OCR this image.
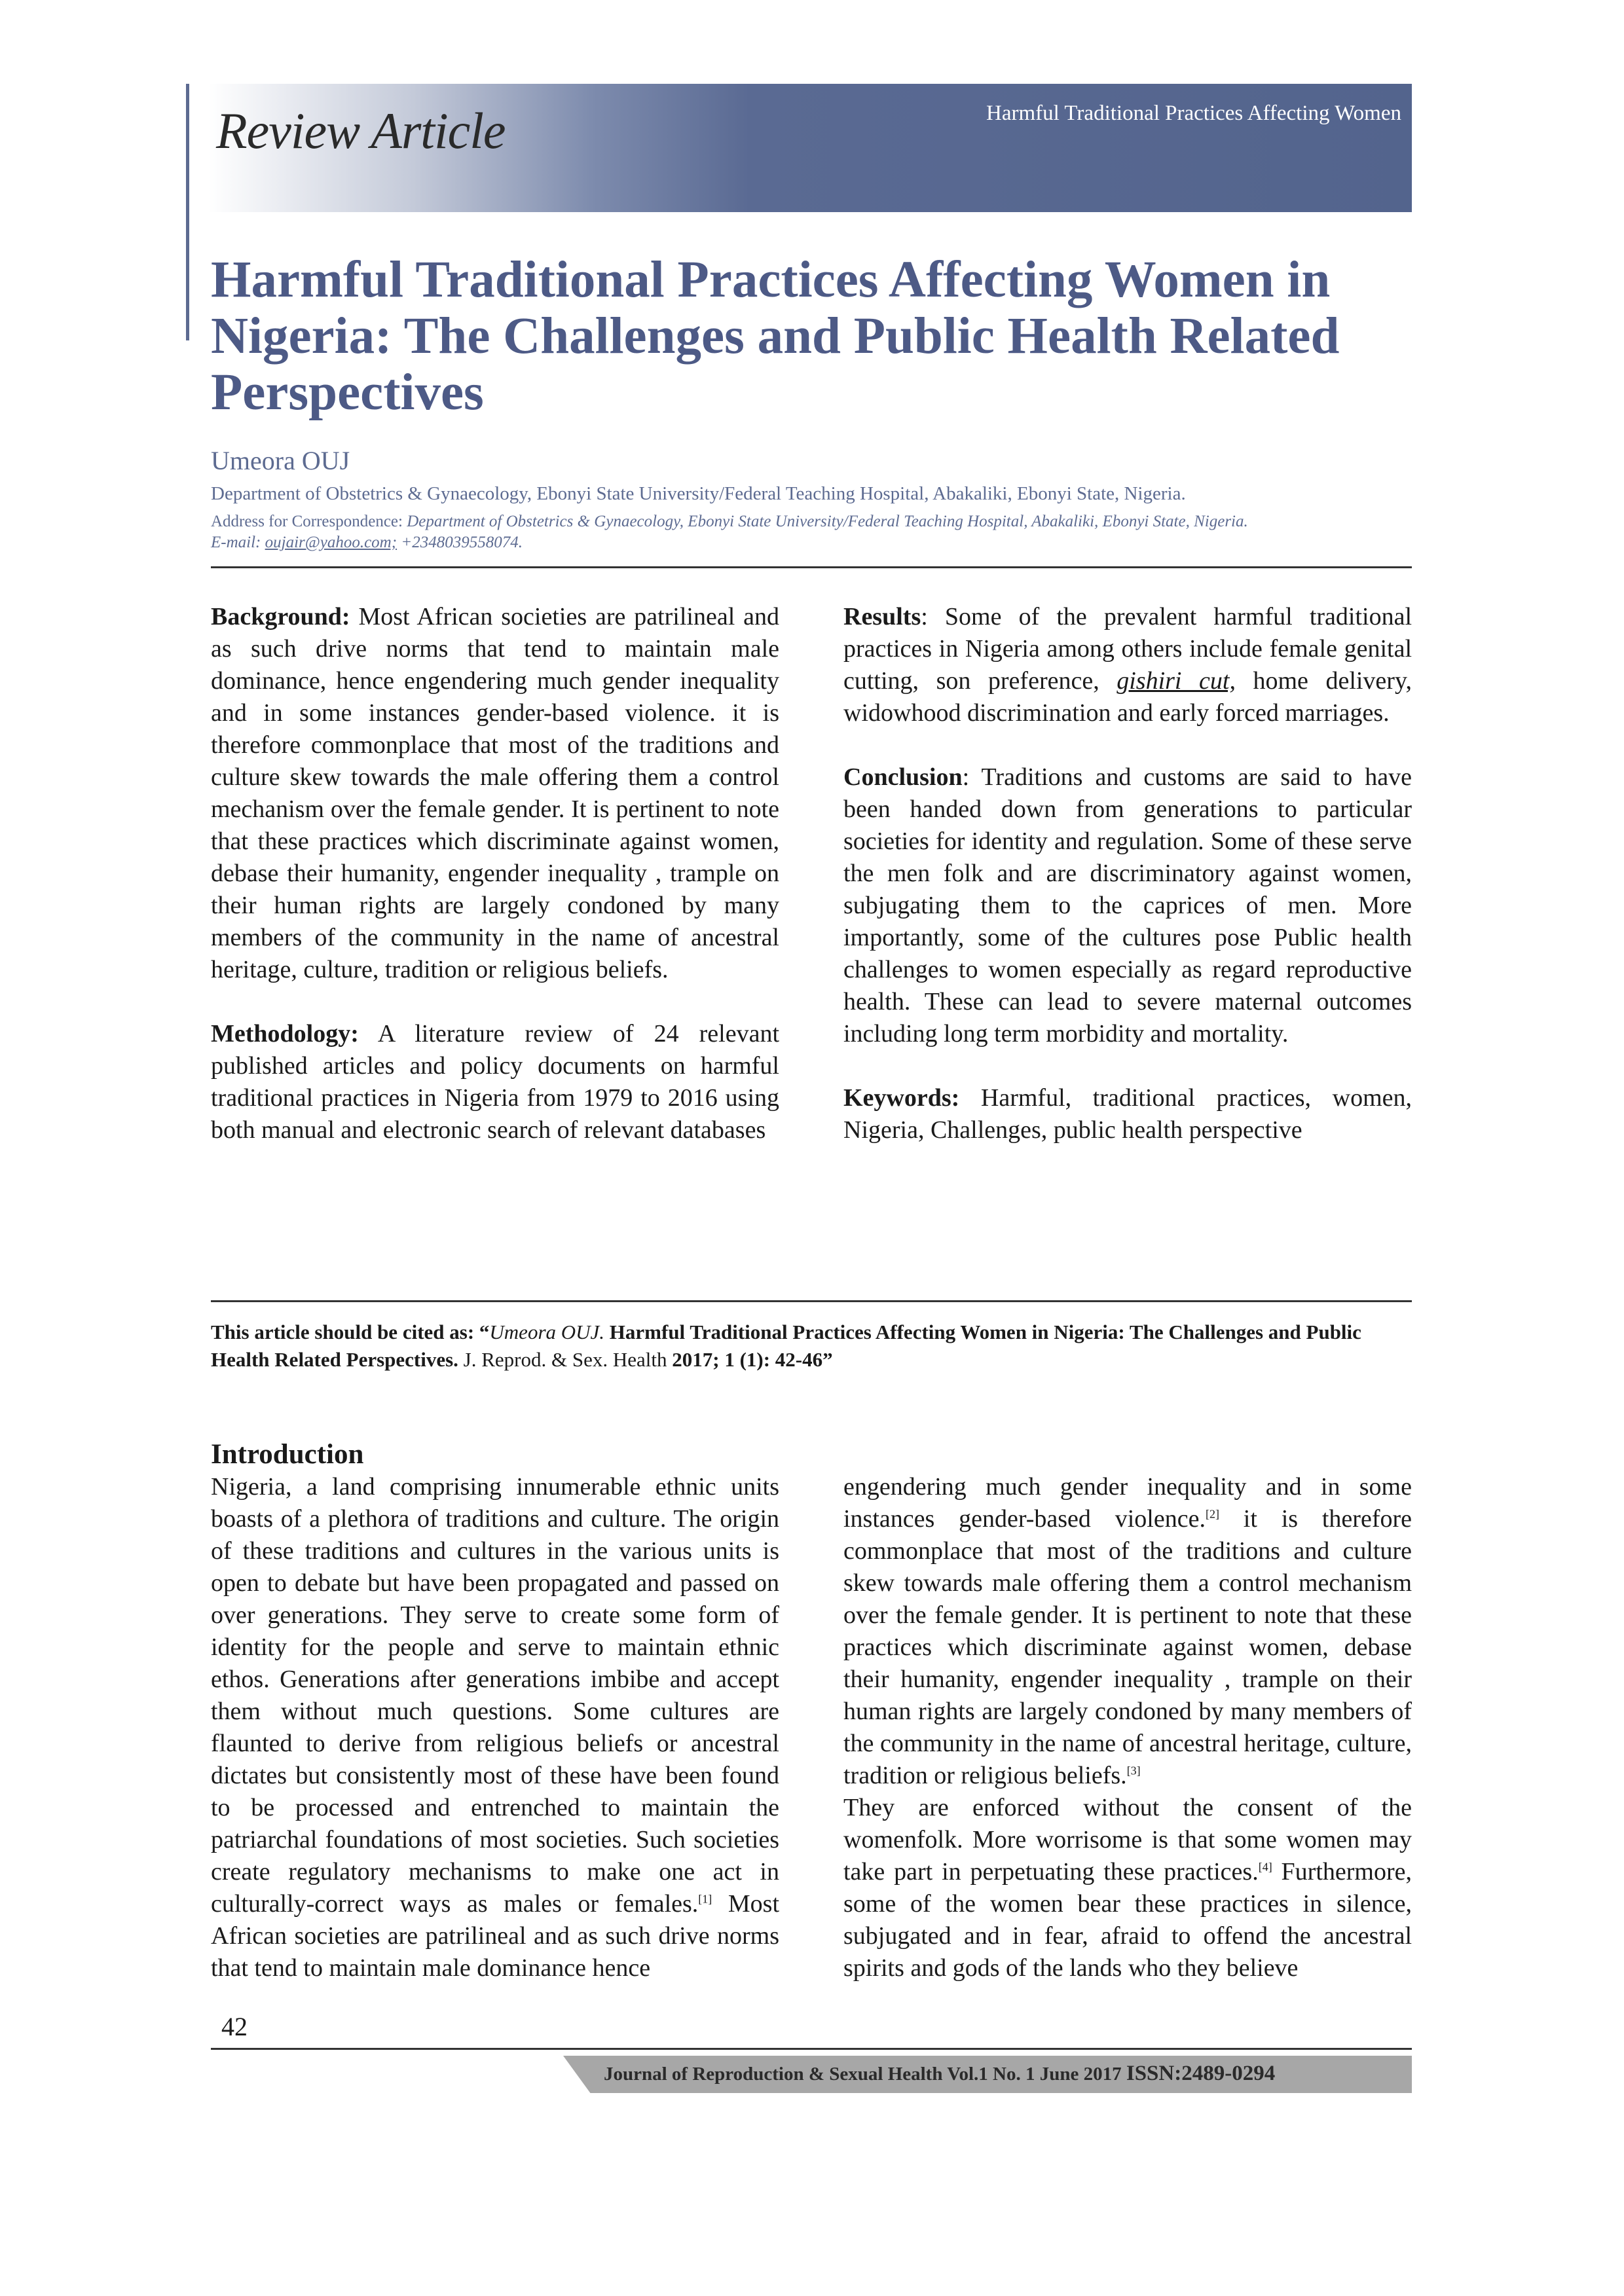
Review Article	Harmful Traditional Practices Affecting Women
Harmful Traditional Practices Affecting Women in Nigeria: The Challenges and Public Health Related Perspectives
Umeora OUJ
Department of Obstetrics & Gynaecology, Ebonyi State University/Federal Teaching Hospital, Abakaliki, Ebonyi State, Nigeria.
Address for Correspondence: Department of Obstetrics & Gynaecology, Ebonyi State University/Federal Teaching Hospital, Abakaliki, Ebonyi State, Nigeria.
E-mail: oujair@yahoo.com; +2348039558074.

Background: Most African societies are patrilineal and as such drive norms that tend to maintain male dominance, hence engendering much gender inequality and in some instances gender-based violence. it is therefore commonplace that most of the traditions and culture skew towards the male offering them a control mechanism over the female gender. It is pertinent to note that these practices which discriminate against women, debase their humanity, engender inequality , trample on their human rights are largely condoned by many members of the community in the name of ancestral heritage, culture, tradition or religious beliefs.

Methodology: A literature review of 24 relevant published articles and policy documents on harmful traditional practices in Nigeria from 1979 to 2016 using both manual and electronic search of relevant databases

Results: Some of the prevalent harmful traditional practices in Nigeria among others include female genital cutting, son preference, gishiri cut, home delivery, widowhood discrimination and early forced marriages.

Conclusion: Traditions and customs are said to have been handed down from generations to particular societies for identity and regulation. Some of these serve the men folk and are discriminatory against women, subjugating them to the caprices of men. More importantly, some of the cultures pose Public health challenges to women especially as regard reproductive health. These can lead to severe maternal outcomes including long term morbidity and mortality.

Keywords: Harmful, traditional practices, women, Nigeria, Challenges, public health perspective

This article should be cited as: “Umeora OUJ. Harmful Traditional Practices Affecting Women in Nigeria: The Challenges and Public Health Related Perspectives. J. Reprod. & Sex. Health 2017; 1 (1): 42-46”

Introduction

Nigeria, a land comprising innumerable ethnic units boasts of a plethora of traditions and culture. The origin of these traditions and cultures in the various units is open to debate but have been propagated and passed on over generations. They serve to create some form of identity for the people and serve to maintain ethnic ethos. Generations after generations imbibe and accept them without much questions. Some cultures are flaunted to derive from religious beliefs or ancestral dictates but consistently most of these have been found to be processed and entrenched to maintain the patriarchal foundations of most societies. Such societies create regulatory mechanisms to make one act in culturally-correct ways as males or females.[1] Most African societies are patrilineal and as such drive norms that tend to maintain male dominance hence

engendering much gender inequality and in some instances gender-based violence.[2] it is therefore commonplace that most of the traditions and culture skew towards male offering them a control mechanism over the female gender. It is pertinent to note that these practices which discriminate against women, debase their humanity, engender inequality , trample on their human rights are largely condoned by many members of the community in the name of ancestral heritage, culture, tradition or religious beliefs.[3]

They are enforced without the consent of the womenfolk. More worrisome is that some women may take part in perpetuating these practices.[4] Furthermore, some of the women bear these practices in silence, subjugated and in fear, afraid to offend the ancestral spirits and gods of the lands who they believe

42
Journal of Reproduction & Sexual Health Vol.1 No. 1 June 2017 ISSN:2489-0294
